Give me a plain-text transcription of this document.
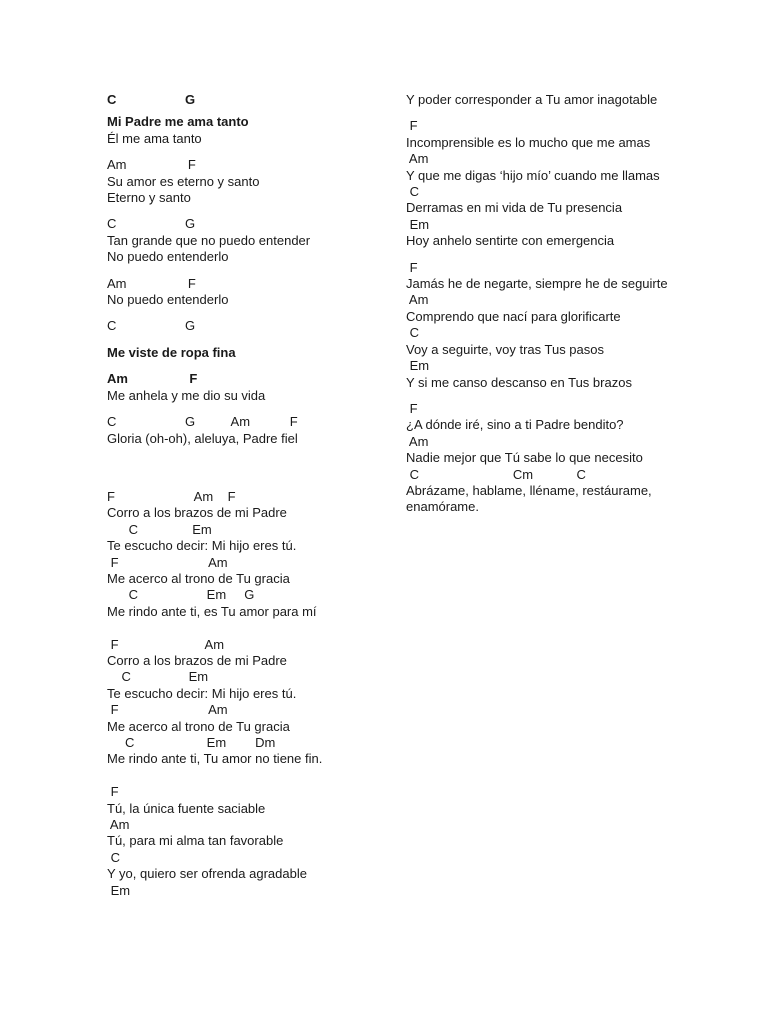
C                   G
Mi Padre me ama tanto
Él me ama tanto
Am                 F
Su amor es eterno y santo
Eterno y santo
C                   G
Tan grande que no puedo entender
No puedo entenderlo
Am                 F
No puedo entenderlo
C                   G
Me viste de ropa fina
Am                 F
Me anhela y me dio su vida
C                   G          Am           F
Gloria (oh-oh), aleluya, Padre fiel
F                      Am    F
Corro a los brazos de mi Padre
C               Em
Te escucho decir: Mi hijo eres tú.
F                         Am
Me acerco al trono de Tu gracia
C                   Em     G
Me rindo ante ti, es Tu amor para mí
F                        Am
Corro a los brazos de mi Padre
C                Em
Te escucho decir: Mi hijo eres tú.
F                         Am
Me acerco al trono de Tu gracia
C                    Em        Dm
Me rindo ante ti, Tu amor no tiene fin.
F
Tú, la única fuente saciable
Am
Tú, para mi alma tan favorable
C
Y yo, quiero ser ofrenda agradable
Em
Y poder corresponder a Tu amor inagotable
F
Incomprensible es lo mucho que me amas
Am
Y que me digas ‘hijo mío’ cuando me llamas
C
Derramas en mi vida de Tu presencia
Em
Hoy anhelo sentirte con emergencia
F
Jamás he de negarte, siempre he de seguirte
Am
Comprendo que nací para glorificarte
C
Voy a seguirte, voy tras Tus pasos
Em
Y si me canso descanso en Tus brazos
F
¿A dónde iré, sino a ti Padre bendito?
Am
Nadie mejor que Tú sabe lo que necesito
C                          Cm            C
Abrázame, hablame, lléname, restáurame, enamórame.
